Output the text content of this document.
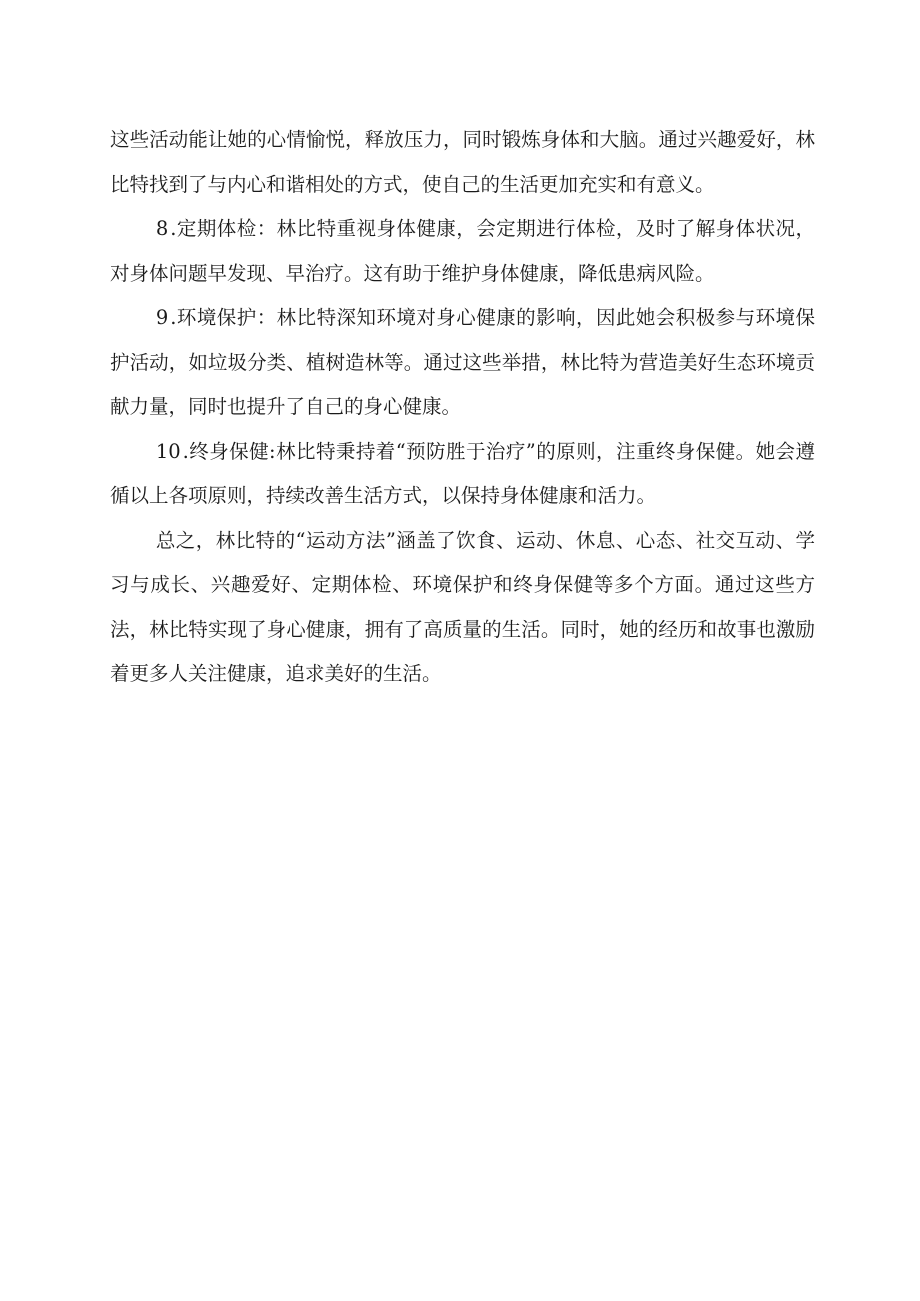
这些活动能让她的心情愉悦，释放压力，同时锻炼身体和大脑。通过兴趣爱好，林比特找到了与内心和谐相处的方式，使自己的生活更加充实和有意义。

8 .定期体检：林比特重视身体健康，会定期进行体检，及时了解身体状况，对身体问题早发现、早治疗。这有助于维护身体健康，降低患病风险。

9 .环境保护：林比特深知环境对身心健康的影响，因此她会积极参与环境保护活动，如垃圾分类、植树造林等。通过这些举措，林比特为营造美好生态环境贡献力量，同时也提升了自己的身心健康。

10 .终身保健:林比特秉持着“预防胜于治疗”的原则，注重终身保健。她会遵循以上各项原则，持续改善生活方式，以保持身体健康和活力。

总之，林比特的“运动方法”涵盖了饮食、运动、休息、心态、社交互动、学习与成长、兴趣爱好、定期体检、环境保护和终身保健等多个方面。通过这些方法，林比特实现了身心健康，拥有了高质量的生活。同时，她的经历和故事也激励着更多人关注健康，追求美好的生活。
